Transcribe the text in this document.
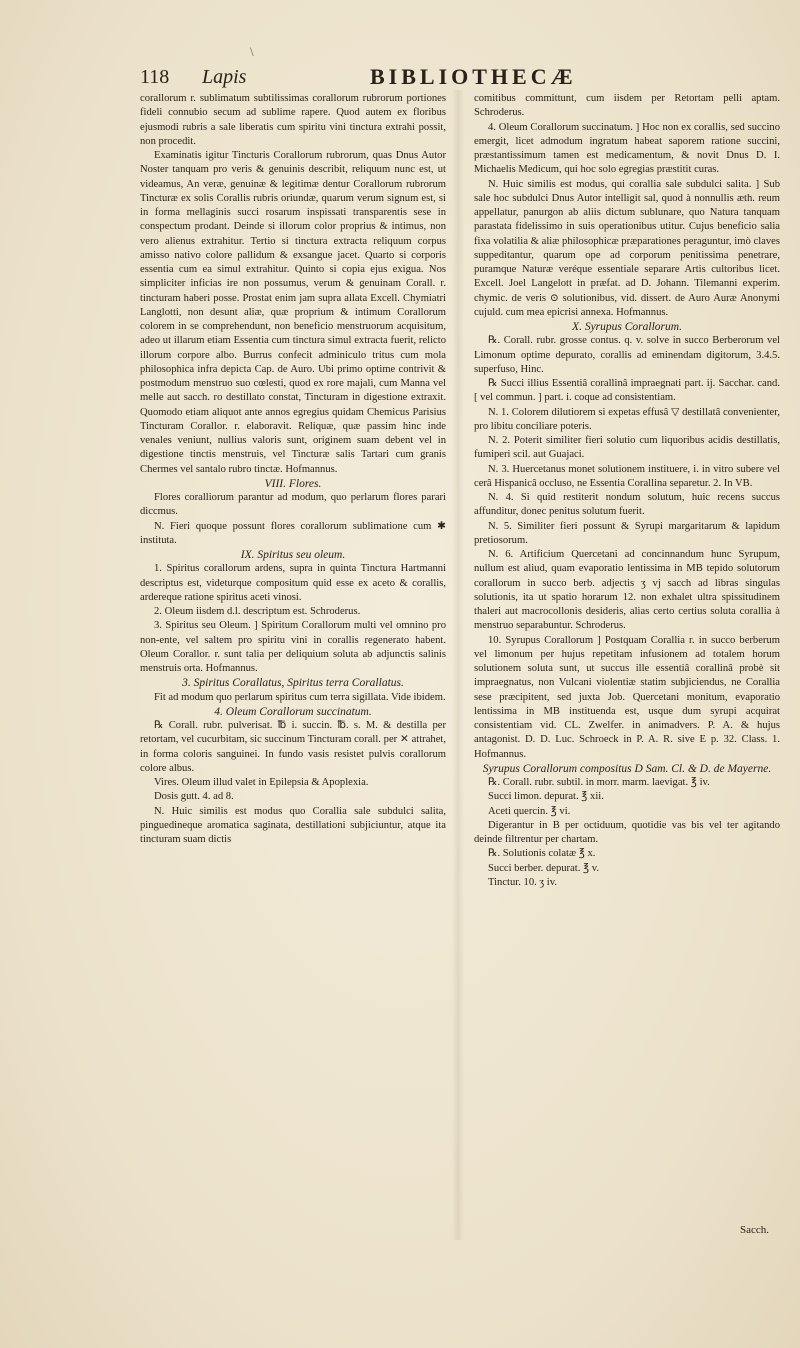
\
118 Lapis	BIBLIOTHECÆ

corallorum r. sublimatum subtilissimas corallorum rubrorum portiones fideli connubio secum ad sublime rapere. Quod autem ex floribus ejusmodi rubris a sale liberatis cum spiritu vini tinctura extrahi possit, non procedit.

Examinatis igitur Tincturis Corallorum rubrorum, quas Dnus Autor Noster tanquam pro veris & genuinis describit, reliquum nunc est, ut videamus, An veræ, genuinæ & legitimæ dentur Corallorum rubrorum Tincturæ ex solis Corallis rubris oriundæ, quarum verum signum est, si in forma mellaginis succi rosarum inspissati transparentis sese in conspectum prodant. Deinde si illorum color proprius & intimus, non vero alienus extrahitur. Tertio si tinctura extracta reliquum corpus amisso nativo colore pallidum & exsangue jacet. Quarto si corporis essentia cum ea simul extrahitur. Quinto si copia ejus exigua. Nos simpliciter inficias ire non possumus, verum & genuinam Corall. r. tincturam haberi posse. Prostat enim jam supra allata Excell. Chymiatri Langlotti, non desunt aliæ, quæ proprium & intimum Corallorum colorem in se comprehendunt, non beneficio menstruorum acquisitum, adeo ut illarum etiam Essentia cum tinctura simul extracta fuerit, relicto illorum corpore albo. Burrus confecit adminiculo tritus cum mola philosophica infra depicta Cap. de Auro. Ubi primo optime contrivit & postmodum menstruo suo cœlesti, quod ex rore majali, cum Manna vel melle aut sacch. ro destillato constat, Tincturam in digestione extraxit. Quomodo etiam aliquot ante annos egregius quidam Chemicus Parisius Tincturam Corallor. r. elaboravit. Reliquæ, quæ passim hinc inde venales veniunt, nullius valoris sunt, originem suam debent vel in digestione tinctis menstruis, vel Tincturæ salis Tartari cum granis Chermes vel santalo rubro tinctæ. Hofmannus.

VIII. Flores.

Flores coralliorum parantur ad modum, quo perlarum flores parari diccmus.

N. Fieri quoque possunt flores corallorum sublimatione cum ✱ instituta.

IX. Spiritus seu oleum.

1. Spiritus corallorum ardens, supra in quinta Tinctura Hartmanni descriptus est, videturque compositum quid esse ex aceto & corallis, ardereque ratione spiritus aceti vinosi.

2. Oleum iisdem d.l. descriptum est. Schroderus.

3. Spiritus seu Oleum. ] Spiritum Corallorum multi vel omnino pro non-ente, vel saltem pro spiritu vini in corallis regenerato habent. Oleum Corallor. r. sunt talia per deliquium soluta ab adjunctis salinis menstruis orta. Hofmannus.

3. Spiritus Corallatus, Spiritus terra Corallatus.

Fit ad modum quo perlarum spiritus cum terra sigillata. Vide ibidem.

4. Oleum Corallorum succinatum.

℞ Corall. rubr. pulverisat. ℔ i. succin. ℔. s. M. & destilla per retortam, vel cucurbitam, sic succinum Tincturam corall. per ✕ attrahet, in forma coloris sanguinei. In fundo vasis resistet pulvis corallorum colore albus.

Vires. Oleum illud valet in Epilepsia & Apoplexia.

Dosis gutt. 4. ad 8.

N. Huic similis est modus quo Corallia sale subdulci salita, pinguedineque aromatica saginata, destillationi subjiciuntur, atque ita tincturam suam dictis

comitibus committunt, cum iisdem per Retortam pelli aptam. Schroderus.

4. Oleum Corallorum succinatum. ] Hoc non ex corallis, sed succino emergit, licet admodum ingratum habeat saporem ratione succini, præstantissimum tamen est medicamentum, & novit Dnus D. I. Michaelis Medicum, qui hoc solo egregias præstitit curas.

N. Huic similis est modus, qui corallia sale subdulci salita. ] Sub sale hoc subdulci Dnus Autor intelligit sal, quod à nonnullis æth. reum appellatur, panurgon ab aliis dictum sublunare, quo Natura tanquam parastata fidelissimo in suis operationibus utitur. Cujus beneficio salia fixa volatilia & aliæ philosophicæ præparationes peraguntur, imò claves suppeditantur, quarum ope ad corporum penitissima penetrare, puramque Naturæ veréque essentiale separare Artis cultoribus licet. Excell. Joel Langelott in præfat. ad D. Johann. Tilemanni experim. chymic. de veris ⊙ solutionibus, vid. dissert. de Auro Auræ Anonymi cujuld. cum mea epicrisi annexa. Hofmannus.

X. Syrupus Corallorum.

℞. Corall. rubr. grosse contus. q. v. solve in succo Berberorum vel Limonum optime depurato, corallis ad eminendam digitorum, 3.4.5. superfuso, Hinc.

℞ Succi illius Essentiâ corallinâ impraegnati part. ij. Sacchar. cand. [ vel commun. ] part. i. coque ad consistentiam.

N. 1. Colorem dilutiorem si expetas effusâ ▽ destillatâ convenienter, pro libitu conciliare poteris.

N. 2. Poterit similiter fieri solutio cum liquoribus acidis destillatis, fumiperi scil. aut Guajaci.

N. 3. Huercetanus monet solutionem instituere, i. in vitro subere vel cerâ Hispanicâ occluso, ne Essentia Corallina separetur. 2. In VB.

N. 4. Si quid restiterit nondum solutum, huic recens succus affunditur, donec penitus solutum fuerit.

N. 5. Similiter fieri possunt & Syrupi margaritarum & lapidum pretiosorum.

N. 6. Artificium Quercetani ad concinnandum hunc Syrupum, nullum est aliud, quam evaporatio lentissima in MB tepido solutorum corallorum in succo berb. adjectis ʒ vj sacch ad libras singulas solutionis, ita ut spatio horarum 12. non exhalet ultra spissitudinem thaleri aut macrocollonis desideris, alias certo certius soluta corallia à menstruo separabuntur. Schroderus.

10. Syrupus Corallorum ] Postquam Corallia r. in succo berberum vel limonum per hujus repetitam infusionem ad totalem horum solutionem soluta sunt, ut succus ille essentiâ corallinâ probè sit impraegnatus, non Vulcani violentiæ statim subjiciendus, ne Corallia sese præcipitent, sed juxta Job. Quercetani monitum, evaporatio lentissima in MB instituenda est, usque dum syrupi acquirat consistentiam vid. CL. Zwelfer. in animadvers. P. A. & hujus antagonist. D. D. Luc. Schroeck in P. A. R. sive E p. 32. Class. 1. Hofmannus.

Syrupus Corallorum compositus D Sam. Cl. & D. de Mayerne.

℞. Corall. rubr. subtil. in morr. marm. laevigat. ℥ iv.

Succi limon. depurat. ℥ xii.

Aceti quercin. ℥ vi.

Digerantur in B per octiduum, quotidie vas bis vel ter agitando deinde filtrentur per chartam.

℞. Solutionis colatæ ℥ x.

Succi berber. depurat. ℥ v.

Tinctur. 10. ʒ iv.

Sacch.
